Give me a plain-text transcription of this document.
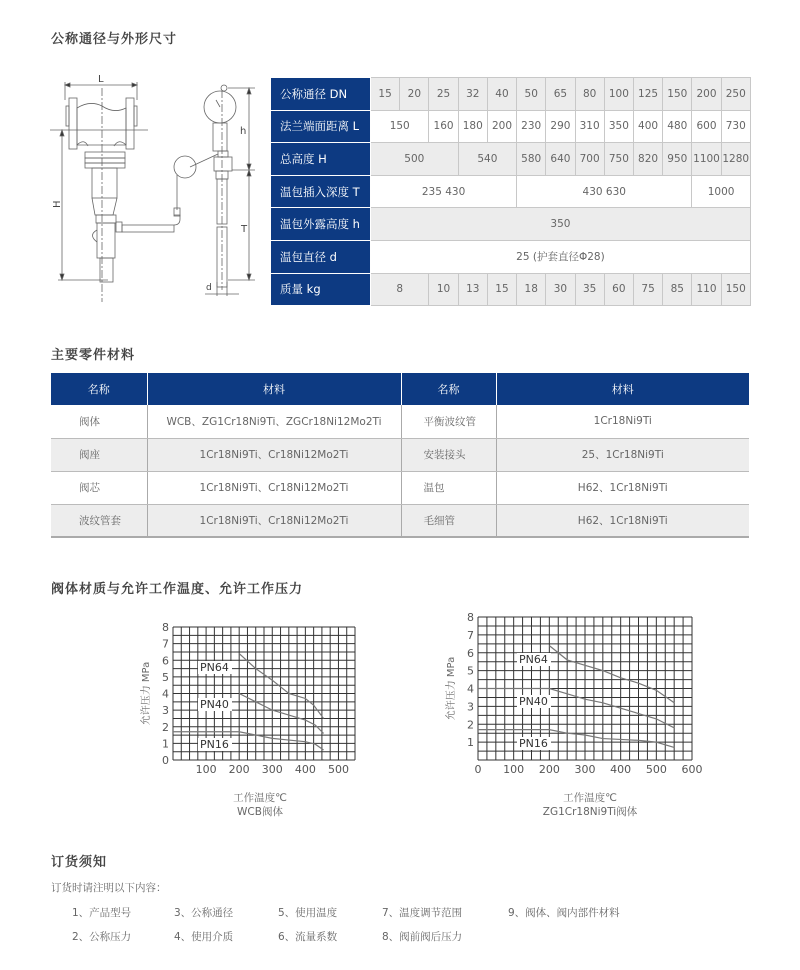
公称通径与外形尺寸
L
H
h
T
d
公称通径 DN	15	20	25	32	40	50	65	80	100	125	150	200	250
法兰端面距离 L	150		160	180	200	230	290	310	350	400	480	600	730
总高度 H	500			540		580	640	700	750	820	950	1100	1280
温包插入深度 T	235 430					430 630						1000	
温包外露高度 h	350												
温包直径 d	25 (护套直径Φ28)												
质量 kg	8		10	13	15	18	30	35	60	75	85	110	150
主要零件材料
名称	材料	名称	材料
阀体	WCB、ZG1Cr18Ni9Ti、ZGCr18Ni12Mo2Ti	平衡波纹管	1Cr18Ni9Ti
阀座	1Cr18Ni9Ti、Cr18Ni12Mo2Ti	安装接头	25、1Cr18Ni9Ti
阀芯	1Cr18Ni9Ti、Cr18Ni12Mo2Ti	温包	H62、1Cr18Ni9Ti
波纹管套	1Cr18Ni9Ti、Cr18Ni12Mo2Ti	毛细管	H62、1Cr18Ni9Ti
阀体材质与允许工作温度、允许工作压力
0
1
2
3
4
5
6
7
8
100 200 300 400 500
允许压力 MPa	PN64
PN40
PN16
工作温度℃
WCB阀体
1
2
3
4
5
6
7
8
0 100 200 300 400 500 600
允许压力 MPa	PN64
PN40
PN16
工作温度℃
ZG1Cr18Ni9Ti阀体
订货须知
订货时请注明以下内容：
1、产品型号
2、公称压力
3、公称通径
4、使用介质
5、使用温度
6、流量系数
7、温度调节范围
8、阀前阀后压力
9、阀体、阀内部件材料
